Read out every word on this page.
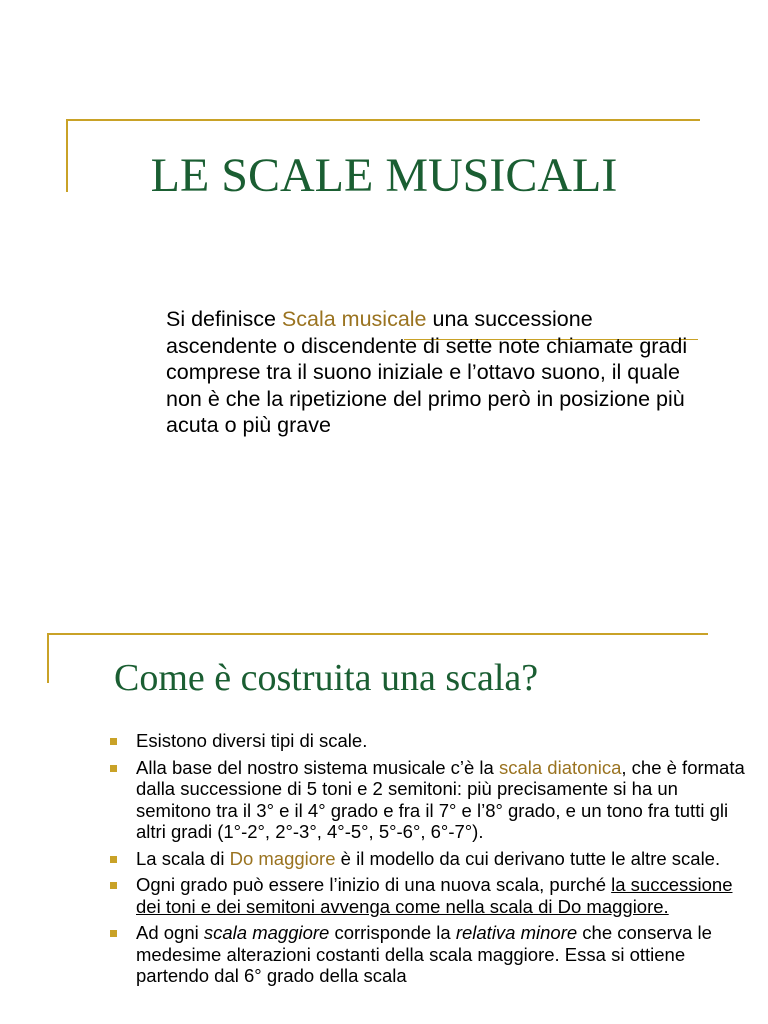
LE SCALE MUSICALI
Si definisce Scala musicale una successione ascendente o discendente di sette note chiamate gradi comprese tra il suono iniziale e l’ottavo suono, il quale non è che la ripetizione del primo però in posizione più acuta o più grave
Come è costruita una scala?
Esistono diversi tipi di scale.
Alla base del nostro sistema musicale c’è la scala diatonica, che è formata dalla successione di 5 toni e 2 semitoni: più precisamente si ha un semitono tra il 3° e il 4° grado e fra il 7° e l’8° grado, e un tono fra tutti gli altri gradi (1°-2°, 2°-3°, 4°-5°, 5°-6°, 6°-7°).
La scala di Do maggiore è il modello da cui derivano tutte le altre scale.
Ogni grado può essere l’inizio di una nuova scala, purché la successione dei toni e dei semitoni avvenga come nella scala di Do maggiore.
Ad ogni scala maggiore corrisponde la relativa minore che conserva le medesime alterazioni costanti della scala maggiore. Essa si ottiene partendo dal 6° grado della scala
